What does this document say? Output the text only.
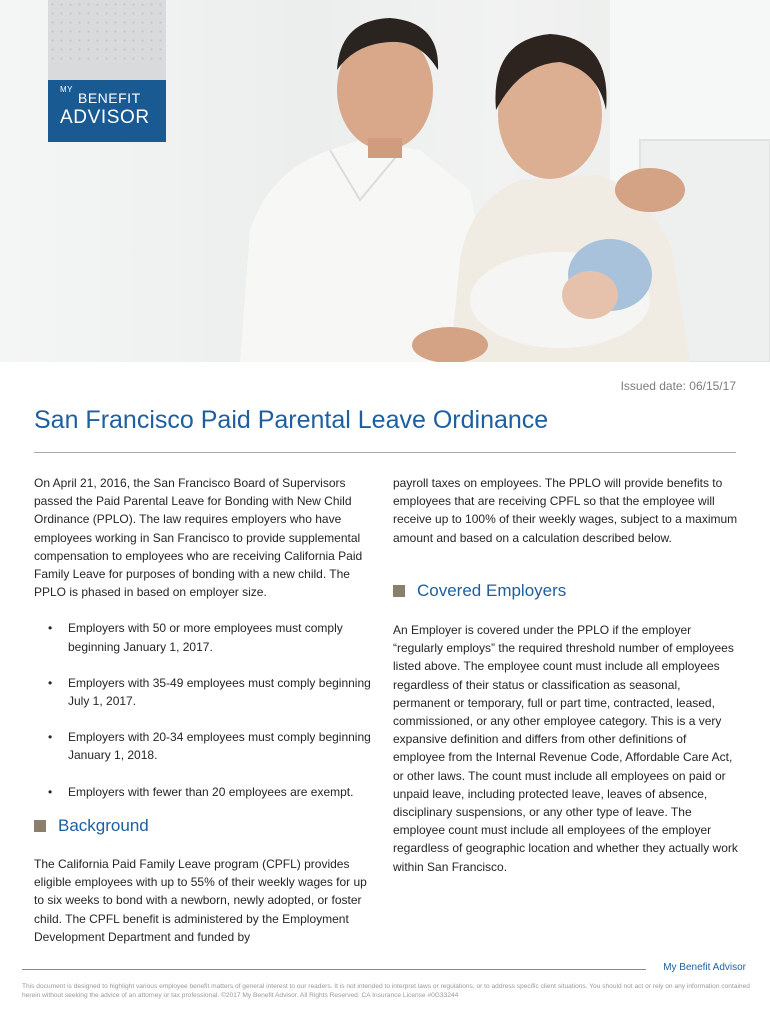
MY
BENEFIT
ADVISOR
Issued date: 06/15/17
San Francisco Paid Parental Leave Ordinance

On April 21, 2016, the San Francisco Board of Supervisors passed the Paid Parental Leave for Bonding with New Child Ordinance (PPLO). The law requires employers who have employees working in San Francisco to provide supplemental compensation to employees who are receiving California Paid Family Leave for purposes of bonding with a new child. The PPLO is phased in based on employer size.

• Employers with 50 or more employees must comply beginning January 1, 2017.
• Employers with 35-49 employees must comply beginning July 1, 2017.
• Employers with 20-34 employees must comply beginning January 1, 2018.
• Employers with fewer than 20 employees are exempt.
Background

The California Paid Family Leave program (CPFL) provides eligible employees with up to 55% of their weekly wages for up to six weeks to bond with a newborn, newly adopted, or foster child. The CPFL benefit is administered by the Employment Development Department and funded by

payroll taxes on employees. The PPLO will provide benefits to employees that are receiving CPFL so that the employee will receive up to 100% of their weekly wages, subject to a maximum amount and based on a calculation described below.

Covered Employers

An Employer is covered under the PPLO if the employer “regularly employs” the required threshold number of employees listed above. The employee count must include all employees regardless of their status or classification as seasonal, permanent or temporary, full or part time, contracted, leased, commissioned, or any other employee category. This is a very expansive definition and differs from other definitions of employee from the Internal Revenue Code, Affordable Care Act, or other laws. The count must include all employees on paid or unpaid leave, including protected leave, leaves of absence, disciplinary suspensions, or any other type of leave. The employee count must include all employees of the employer regardless of geographic location and whether they actually work within San Francisco.

My Benefit Advisor
This document is designed to highlight various employee benefit matters of general interest to our readers. It is not intended to interpret laws or regulations, or to address specific client situations. You should not act or rely on any information contained herein without seeking the advice of an attorney or tax professional. ©2017 My Benefit Advisor. All Rights Reserved. CA Insurance License #0G33244
